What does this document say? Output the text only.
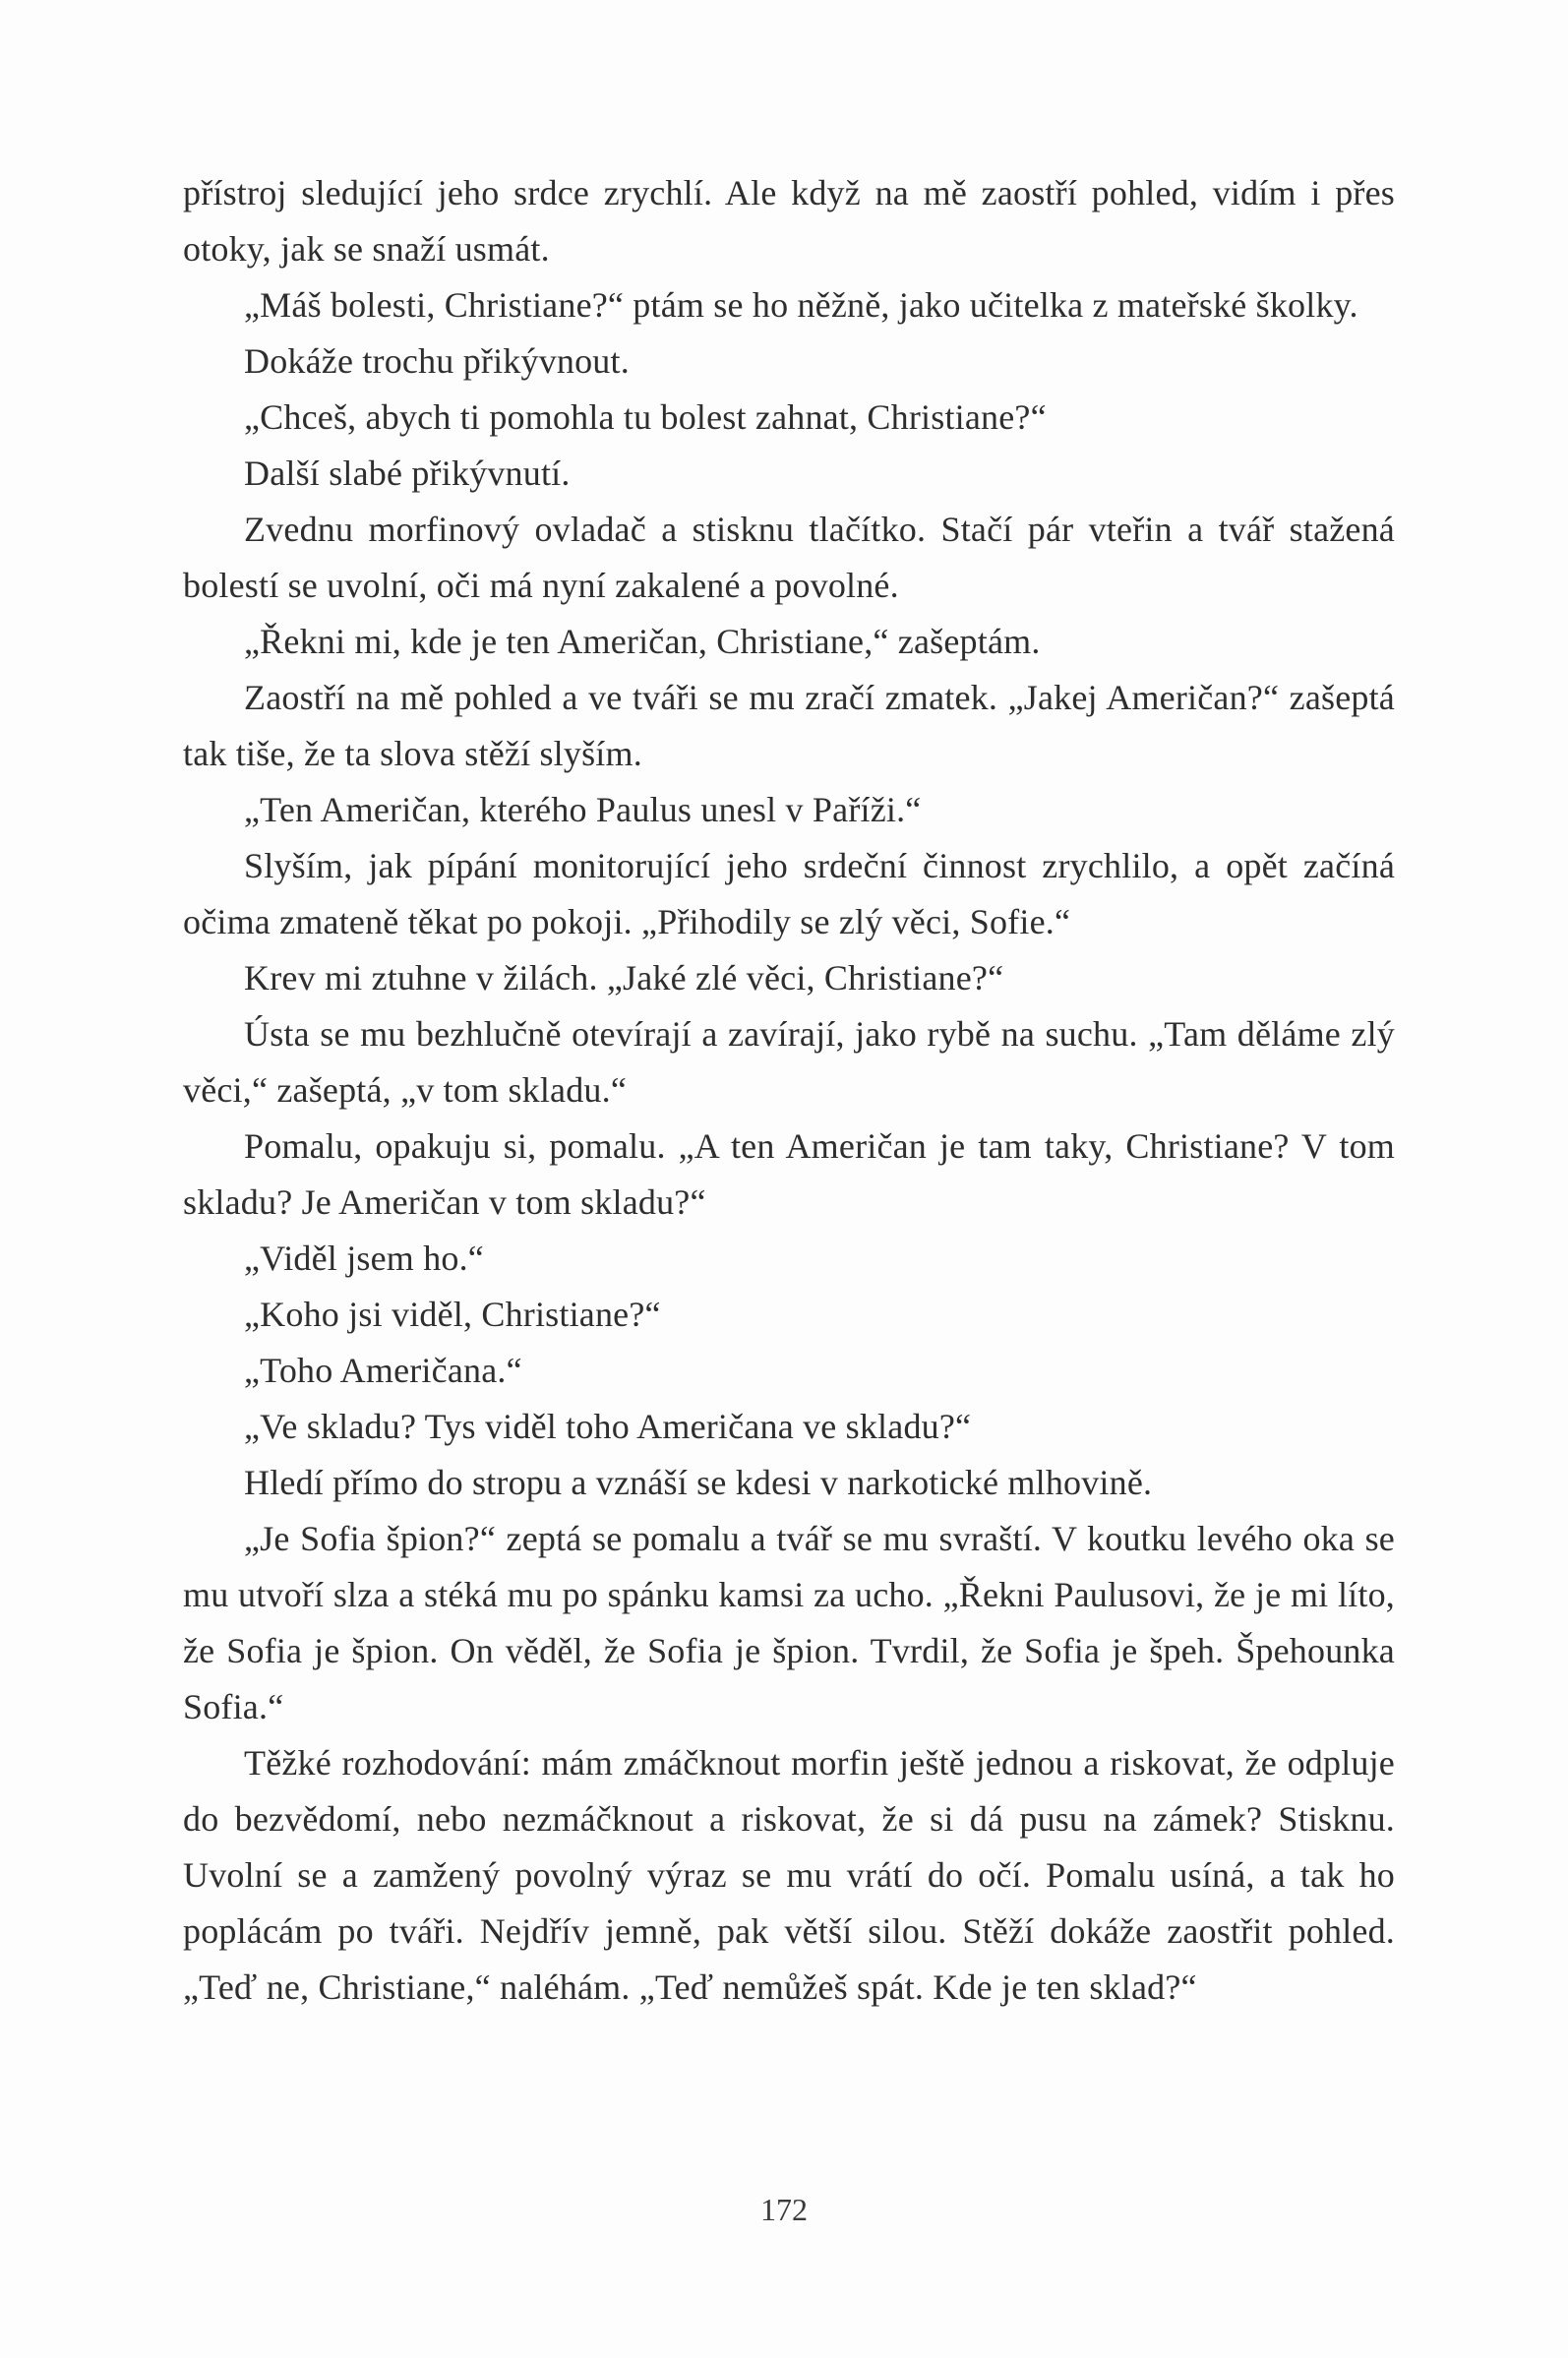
přístroj sledující jeho srdce zrychlí. Ale když na mě zaostří pohled, vidím i přes otoky, jak se snaží usmát.

„Máš bolesti, Christiane?“ ptám se ho něžně, jako učitelka z mateřské školky.

Dokáže trochu přikývnout.

„Chceš, abych ti pomohla tu bolest zahnat, Christiane?“

Další slabé přikývnutí.

Zvednu morfinový ovladač a stisknu tlačítko. Stačí pár vteřin a tvář stažená bolestí se uvolní, oči má nyní zakalené a povolné.

„Řekni mi, kde je ten Američan, Christiane,“ zašeptám.

Zaostří na mě pohled a ve tváři se mu zračí zmatek. „Jakej Američan?“ zašeptá tak tiše, že ta slova stěží slyším.

„Ten Američan, kterého Paulus unesl v Paříži.“

Slyším, jak pípání monitorující jeho srdeční činnost zrychlilo, a opět začíná očima zmateně těkat po pokoji. „Přihodily se zlý věci, Sofie.“

Krev mi ztuhne v žilách. „Jaké zlé věci, Christiane?“

Ústa se mu bezhlučně otevírají a zavírají, jako rybě na suchu. „Tam děláme zlý věci,“ zašeptá, „v tom skladu.“

Pomalu, opakuju si, pomalu. „A ten Američan je tam taky, Christiane? V tom skladu? Je Američan v tom skladu?“

„Viděl jsem ho.“

„Koho jsi viděl, Christiane?“

„Toho Američana.“

„Ve skladu? Tys viděl toho Američana ve skladu?“

Hledí přímo do stropu a vznáší se kdesi v narkotické mlhovině.

„Je Sofia špion?“ zeptá se pomalu a tvář se mu svraští. V koutku levého oka se mu utvoří slza a stéká mu po spánku kamsi za ucho. „Řekni Paulusovi, že je mi líto, že Sofia je špion. On věděl, že Sofia je špion. Tvrdil, že Sofia je špeh. Špehounka Sofia.“

Těžké rozhodování: mám zmáčknout morfin ještě jednou a riskovat, že odpluje do bezvědomí, nebo nezmáčknout a riskovat, že si dá pusu na zámek? Stisknu. Uvolní se a zamžený povolný výraz se mu vrátí do očí. Pomalu usíná, a tak ho poplácám po tváři. Nejdřív jemně, pak větší silou. Stěží dokáže zaostřit pohled. „Teď ne, Christiane,“ naléhám. „Teď nemůžeš spát. Kde je ten sklad?“

172
